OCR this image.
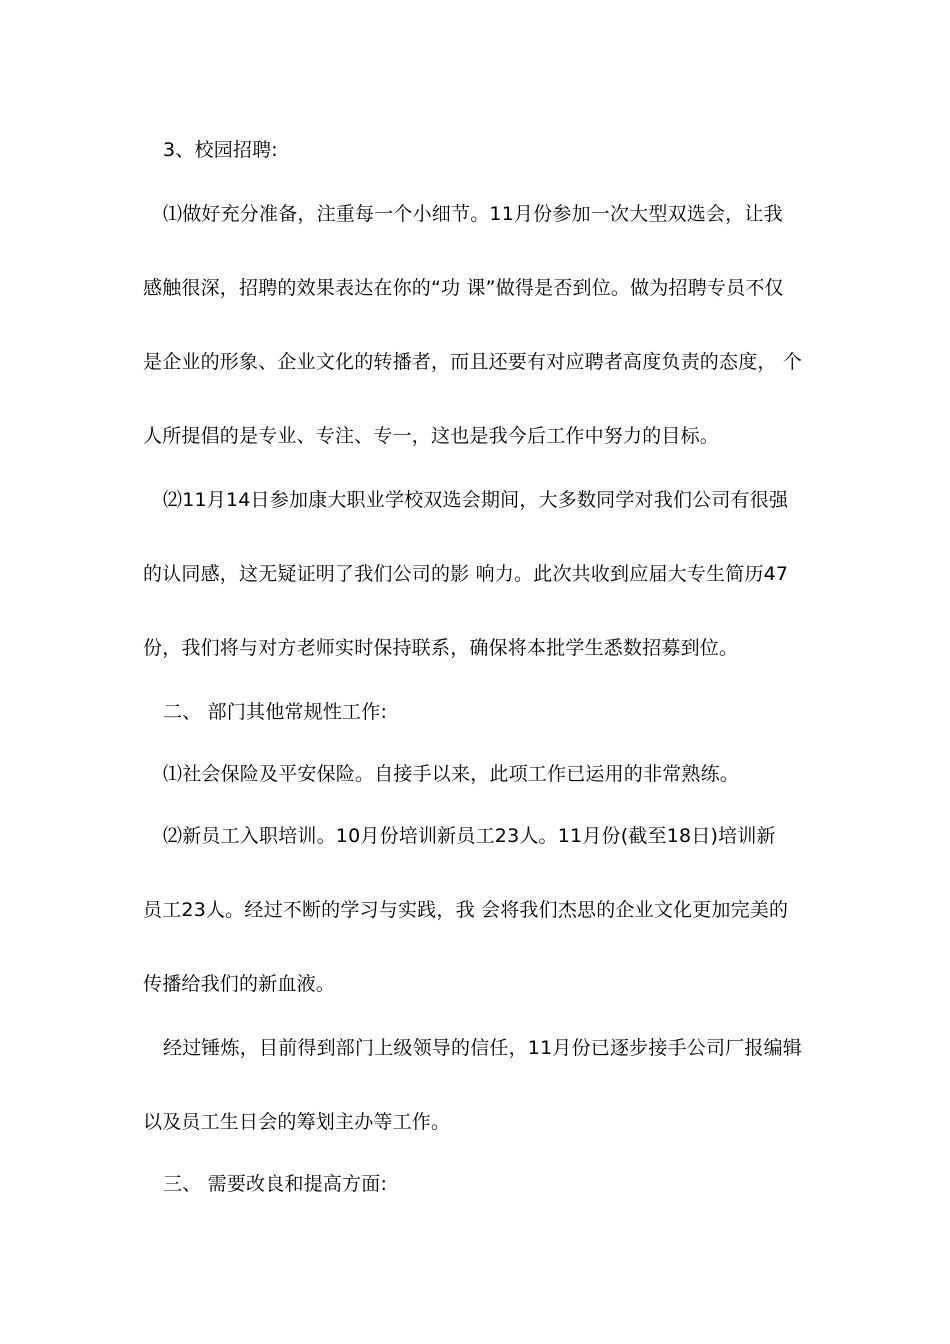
3、校园招聘:
⑴做好充分准备，注重每一个小细节。11月份参加一次大型双选会，让我
感触很深，招聘的效果表达在你的“功 课”做得是否到位。做为招聘专员不仅
是企业的形象、企业文化的转播者，而且还要有对应聘者高度负责的态度， 个
人所提倡的是专业、专注、专一，这也是我今后工作中努力的目标。
⑵11月14日参加康大职业学校双选会期间，大多数同学对我们公司有很强
的认同感，这无疑证明了我们公司的影 响力。此次共收到应届大专生简历47
份，我们将与对方老师实时保持联系，确保将本批学生悉数招募到位。
二、 部门其他常规性工作:
⑴社会保险及平安保险。自接手以来，此项工作已运用的非常熟练。
⑵新员工入职培训。10月份培训新员工23人。11月份(截至18日)培训新
员工23人。经过不断的学习与实践，我 会将我们杰思的企业文化更加完美的
传播给我们的新血液。
经过锤炼，目前得到部门上级领导的信任，11月份已逐步接手公司厂报编辑
以及员工生日会的筹划主办等工作。
三、 需要改良和提高方面:
